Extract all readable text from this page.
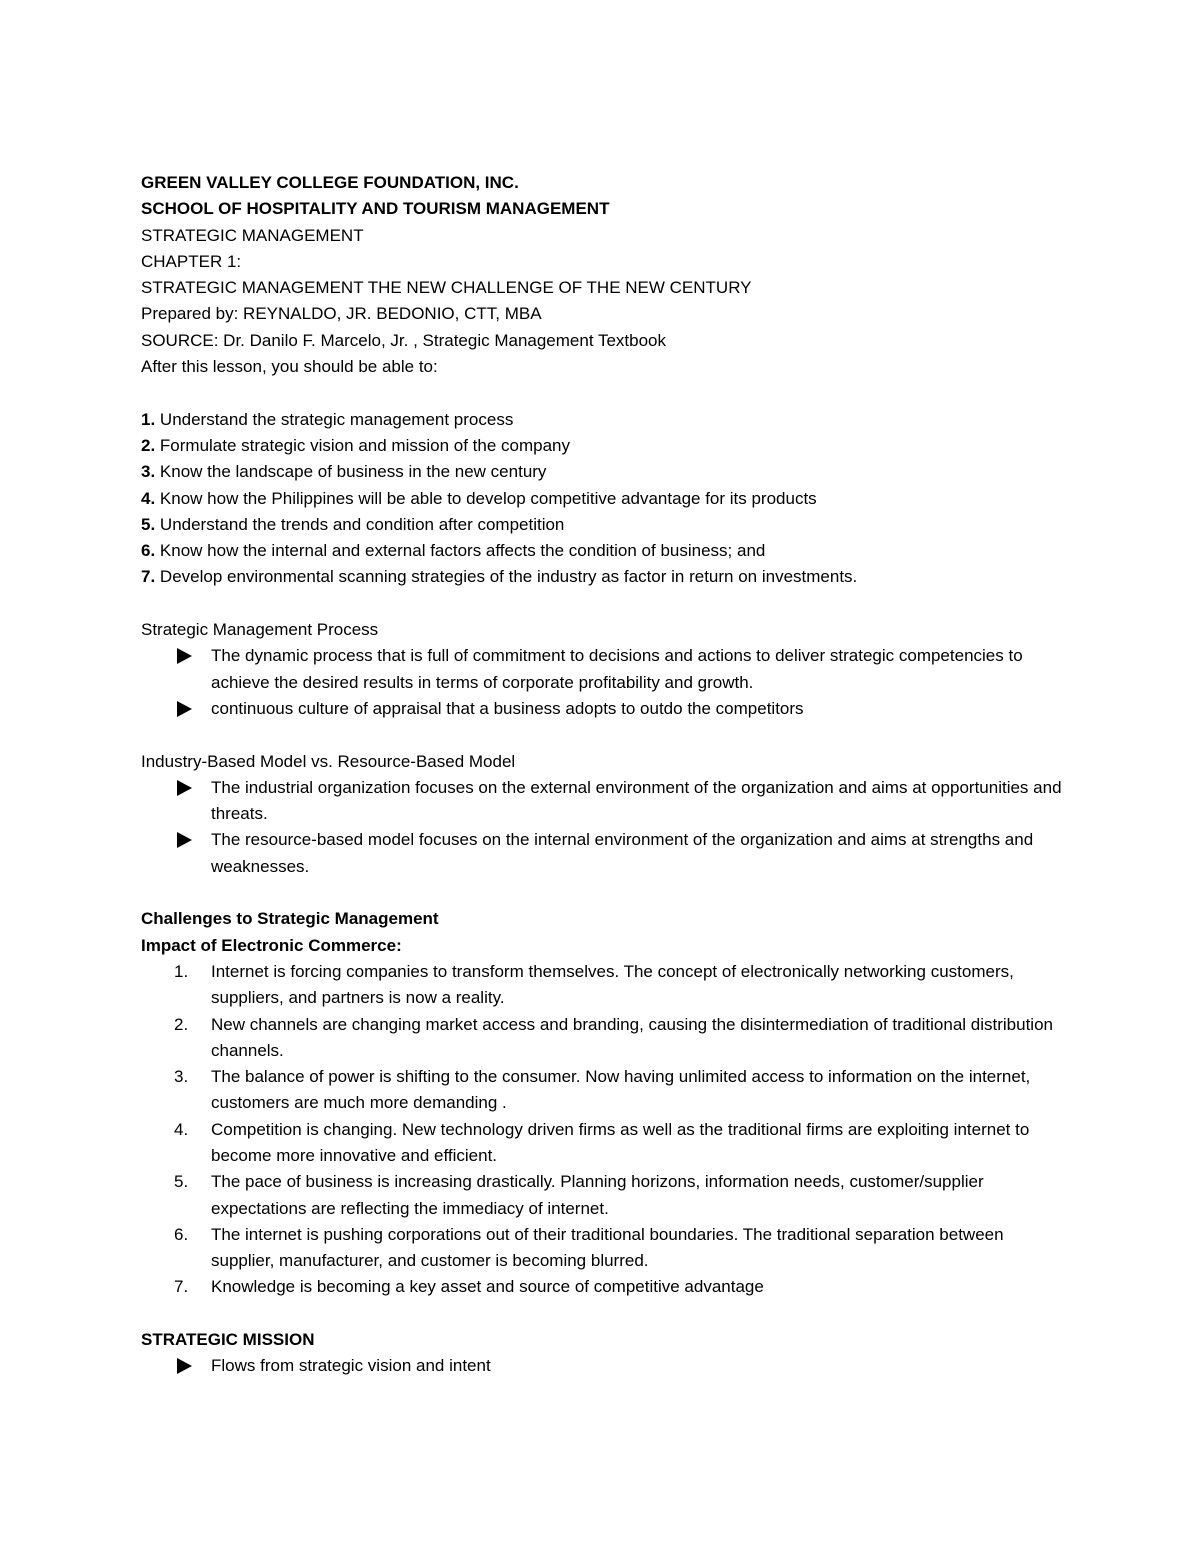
GREEN VALLEY COLLEGE FOUNDATION, INC.
SCHOOL OF HOSPITALITY AND TOURISM MANAGEMENT
STRATEGIC MANAGEMENT
CHAPTER 1:
STRATEGIC MANAGEMENT THE NEW CHALLENGE OF THE NEW CENTURY
Prepared by: REYNALDO, JR. BEDONIO, CTT, MBA
SOURCE: Dr. Danilo F. Marcelo, Jr. , Strategic Management Textbook
After this lesson, you should be able to:
1. Understand the strategic management process
2. Formulate strategic vision and mission of the company
3. Know the landscape of business in the new century
4. Know how the Philippines will be able to develop competitive advantage for its products
5. Understand the trends and condition after competition
6. Know how the internal and external factors affects the condition of business; and
7. Develop environmental scanning strategies of the industry as factor in return on investments.
Strategic Management Process
The dynamic process that is full of commitment to decisions and actions to deliver strategic competencies to achieve the desired results in terms of corporate profitability and growth.
continuous culture of appraisal that a business adopts to outdo the competitors
Industry-Based Model vs. Resource-Based Model
The industrial organization focuses on the external environment of the organization and aims at opportunities and threats.
The resource-based model focuses on the internal environment of the organization and aims at strengths and weaknesses.
Challenges to Strategic Management
Impact of Electronic Commerce:
1.	Internet is forcing companies to transform themselves. The concept of electronically networking customers, suppliers, and partners is now a reality.
2.	New channels are changing market access and branding, causing the disintermediation of traditional distribution channels.
3.	The balance of power is shifting to the consumer. Now having unlimited access to information on the internet, customers are much more demanding .
4.	Competition is changing. New technology driven firms as well as the traditional firms are exploiting internet to become more innovative and efficient.
5.	The pace of business is increasing drastically. Planning horizons, information needs, customer/supplier expectations are reflecting the immediacy of internet.
6.	The internet is pushing corporations out of their traditional boundaries. The traditional separation between supplier, manufacturer, and customer is becoming blurred.
7.	Knowledge is becoming a key asset and source of competitive advantage
STRATEGIC MISSION
Flows from strategic vision and intent
